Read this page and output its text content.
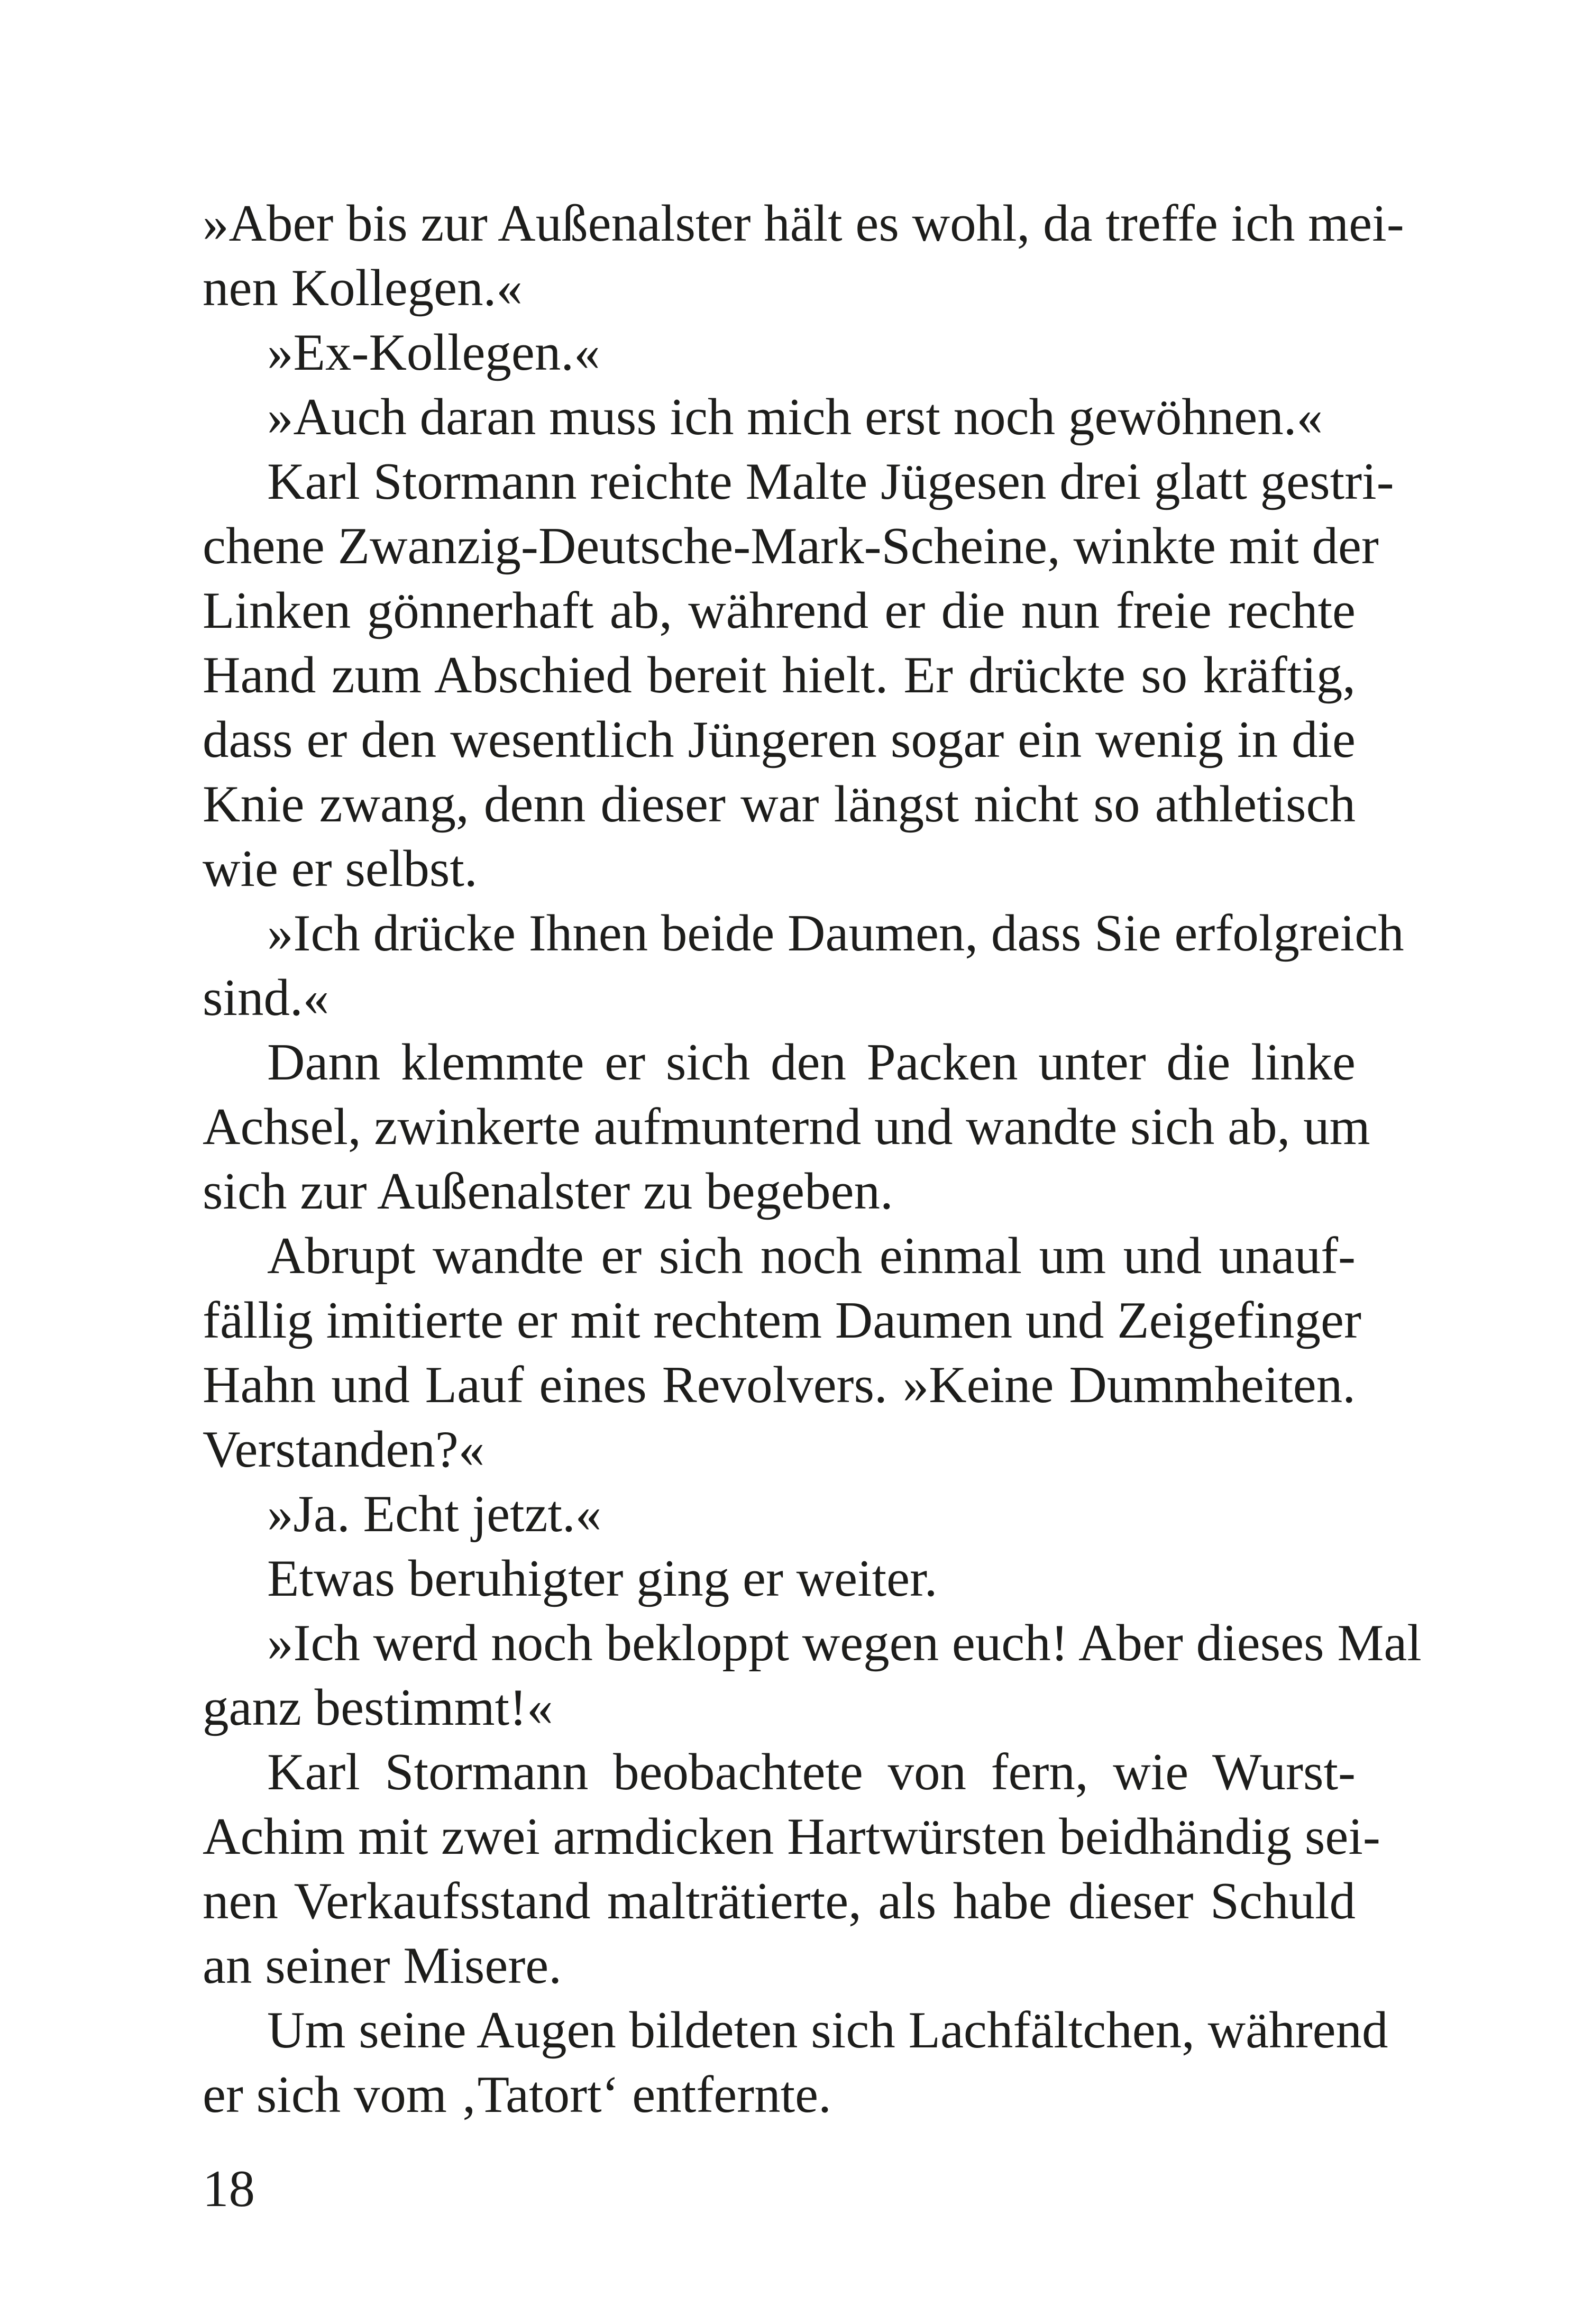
»Aber bis zur Außenalster hält es wohl, da treffe ich mei-
nen Kollegen.«
»Ex-Kollegen.«
»Auch daran muss ich mich erst noch gewöhnen.«
Karl Stormann reichte Malte Jügesen drei glatt gestri-
chene Zwanzig-Deutsche-Mark-Scheine, winkte mit der
Linken gönnerhaft ab, während er die nun freie rechte
Hand zum Abschied bereit hielt. Er drückte so kräftig,
dass er den wesentlich Jüngeren sogar ein wenig in die
Knie zwang, denn dieser war längst nicht so athletisch
wie er selbst.
»Ich drücke Ihnen beide Daumen, dass Sie erfolgreich
sind.«
Dann klemmte er sich den Packen unter die linke
Achsel, zwinkerte aufmunternd und wandte sich ab, um
sich zur Außenalster zu begeben.
Abrupt wandte er sich noch einmal um und unauf-
fällig imitierte er mit rechtem Daumen und Zeigefinger
Hahn und Lauf eines Revolvers. »Keine Dummheiten.
Verstanden?«
»Ja. Echt jetzt.«
Etwas beruhigter ging er weiter.
»Ich werd noch bekloppt wegen euch! Aber dieses Mal
ganz bestimmt!«
Karl Stormann beobachtete von fern, wie Wurst-
Achim mit zwei armdicken Hartwürsten beidhändig sei-
nen Verkaufsstand malträtierte, als habe dieser Schuld
an seiner Misere.
Um seine Augen bildeten sich Lachfältchen, während
er sich vom ‚Tatort‘ entfernte.
18
